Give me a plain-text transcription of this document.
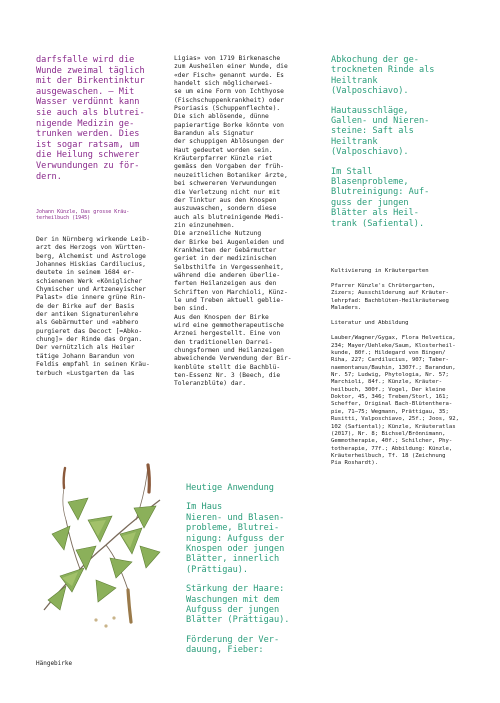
darfsfalle wird die
Wunde zweimal täglich
mit der Birkentinktur
ausgewaschen. — Mit
Wasser verdünnt kann
sie auch als blutrei-
nigende Medizin ge-
trunken werden. Dies
ist sogar ratsam, um
die Heilung schwerer
Verwundungen zu för-
dern.
Johann Künzle, Das grosse Kräu-
terheilbuch (1945)
Der in Nürnberg wirkende Leib-
arzt des Herzogs von Württen-
berg, Alchemist und Astrologe
Johannes Hiskias Cardilucius,
deutete in seinem 1684 er-
schienenen Werk «Königlicher
Chymischer und Artzeneyischer
Palast» die innere grüne Rin-
de der Birke auf der Basis
der antiken Signaturenlehre
als Gebärmutter und «abhero
purgieret das Decoct [=Abko-
chung]» der Rinde das Organ.
Der vernützlich als Heiler
tätige Johann Barandun von
Feldis empfahl in seinen Kräu-
terbuch «Lustgarten da las
Hängebirke
Ligias» von 1719 Birkenasche
zum Ausheilen einer Wunde, die
«der Fisch» genannt wurde. Es
handelt sich möglicherwei-
se um eine Form von Ichthyose
(Fischschuppenkrankheit) oder
Psoriasis (Schuppenflechte).
Die sich ablösende, dünne
papierartige Borke könnte von
Barandun als Signatur
der schuppigen Ablösungen der
Haut gedeutet worden sein.
Kräuterpfarrer Künzle riet
gemäss den Vorgaben der früh-
neuzeitlichen Botaniker ärzte,
bei schwereren Verwundungen
die Verletzung nicht nur mit
der Tinktur aus den Knospen
auszuwaschen, sondern diese
auch als blutreinigende Medi-
zin einzunehmen.
Die arzneiliche Nutzung
der Birke bei Augenleiden und
Krankheiten der Gebärmutter
geriet in der medizinischen
Selbsthilfe in Vergessenheit,
während die anderen überlie-
ferten Heilanzeigen aus den
Schriften von Marchioli, Künz-
le und Treben aktuell geblie-
ben sind.
Aus den Knospen der Birke
wird eine gemmotherapeutische
Arznei hergestellt. Eine von
den traditionellen Darrei-
chungsformen und Heilanzeigen
abweichende Verwendung der Bir-
kenblüte stellt die Bachblü-
ten-Essenz Nr. 3 (Beech, die
Toleranzblüte) dar.

Heutige Anwendung

Im Haus
Nieren- und Blasen-
probleme, Blutrei-
nigung: Aufguss der
Knospen oder jungen
Blätter, innerlich
(Prättigau).
Stärkung der Haare:
Waschungen mit dem
Aufguss der jungen
Blätter (Prättigau).
Förderung der Ver-
dauung, Fieber:
Abkochung der ge-
trockneten Rinde als
Heiltrank
(Valposchiavo).
Hautausschläge,
Gallen- und Nieren-
steine: Saft als
Heiltrank
(Valposchiavo).
Im Stall
Blasenprobleme,
Blutreinigung: Auf-
guss der jungen
Blätter als Heil-
trank (Safiental).
Kultivierung in Kräutergarten
Pfarrer Künzle's Chrütergarten,
Zizers; Ausschilderung auf Kräuter-
lehrpfad: Bachblüten-Heilkräuterweg
Maladers.
Literatur und Abbildung
Lauber/Wagner/Gygax, Flora Helvetica,
234; Mayer/Uehleke/Saum, Klosterheil-
kunde, 80f.; Hildegard von Bingen/
Riha, 227; Cardilucius, 907; Taber-
naemontanus/Bauhin, 1307f.; Barandun,
Nr. 57; Ludwig, Phytologia, Nr. 57;
Marchioli, 84f.; Künzle, Kräuter-
heilbuch, 300f.; Vogel, Der kleine
Doktor, 45, 346; Treben/Storl, 161;
Scheffer, Original Bach-Blütenthera-
pie, 71–75; Wegmann, Prättigau, 35;
Rusitti, Valposchiavo, 25f.; Joos, 92,
102 (Safiental); Künzle, Kräuteratlas
(2017), Nr. 8; Bichsel/Brönnimann,
Gemmotherapie, 40f.; Schilcher, Phy-
totherapie, 77f.; Abbildung: Künzle,
Kräuterheilbuch, Tf. 18 (Zeichnung
Pia Roshardt).
